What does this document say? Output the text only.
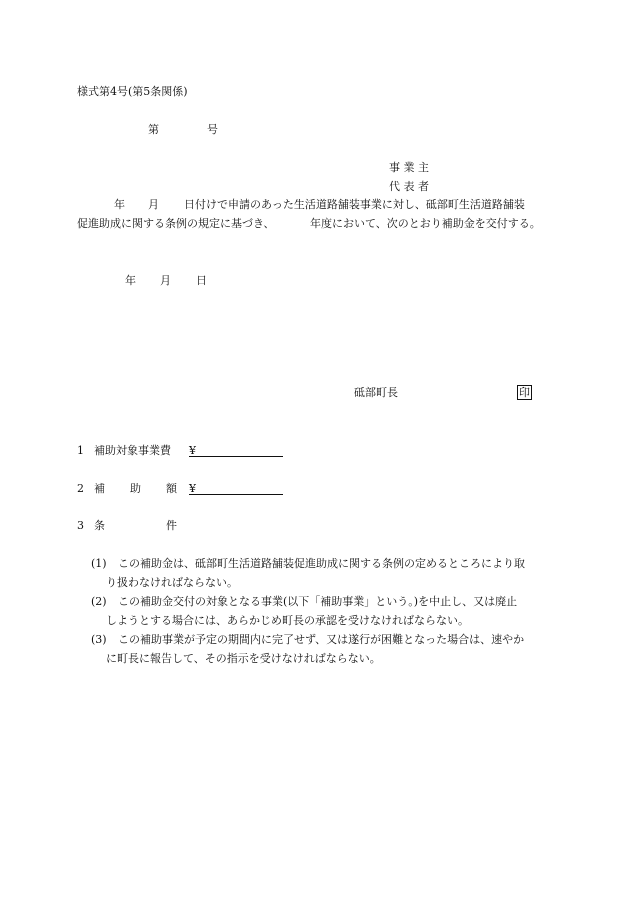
様式第4号(第5条関係)
第	号
事 業 主
代 表 者
年 月 日付けで申請のあった生活道路舗装事業に対し、砥部町生活道路舗装
促進助成に関する条例の規定に基づき、	年度において、次のとおり補助金を交付する。
年 月 日
砥部町長	印
1 補助対象事業費 ¥
2 補 助 額 ¥
3 条	件
(1) この補助金は、砥部町生活道路舗装促進助成に関する条例の定めるところにより取
り扱わなければならない。
(2) この補助金交付の対象となる事業(以下「補助事業」という。)を中止し、又は廃止
しようとする場合には、あらかじめ町長の承認を受けなければならない。
(3) この補助事業が予定の期間内に完了せず、又は遂行が困難となった場合は、速やか
に町長に報告して、その指示を受けなければならない。
